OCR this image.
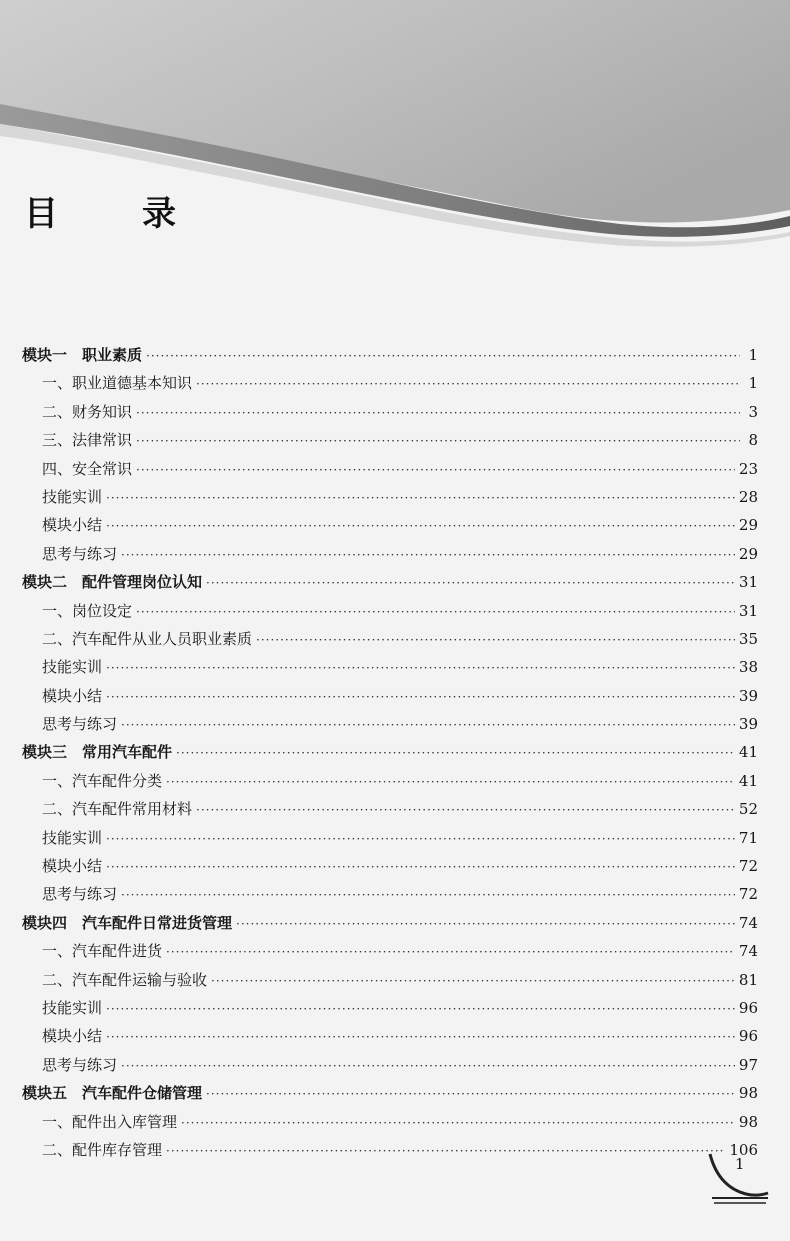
目录
模块一　职业素质 ·····	1
一、职业道德基本知识 ·····	1
二、财务知识 ·····	3
三、法律常识 ·····	8
四、安全常识 ·····	23
技能实训 ·····	28
模块小结 ·····	29
思考与练习 ·····	29
模块二　配件管理岗位认知 ·····	31
一、岗位设定 ·····	31
二、汽车配件从业人员职业素质 ·····	35
技能实训 ·····	38
模块小结 ·····	39
思考与练习 ·····	39
模块三　常用汽车配件 ·····	41
一、汽车配件分类 ·····	41
二、汽车配件常用材料 ·····	52
技能实训 ·····	71
模块小结 ·····	72
思考与练习 ·····	72
模块四　汽车配件日常进货管理 ·····	74
一、汽车配件进货 ·····	74
二、汽车配件运输与验收 ·····	81
技能实训 ·····	96
模块小结 ·····	96
思考与练习 ·····	97
模块五　汽车配件仓储管理 ·····	98
一、配件出入库管理 ·····	98
二、配件库存管理 ·····	106
1
